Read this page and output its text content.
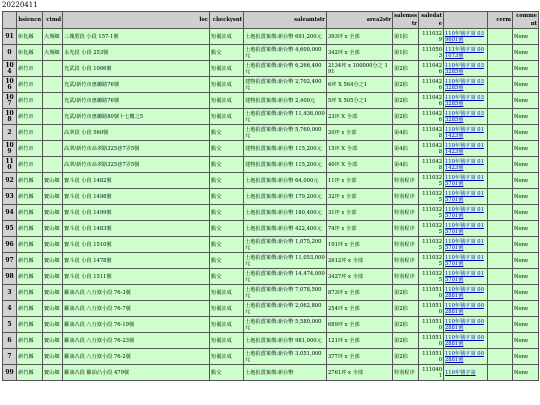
20220411
	hsiencn	ctmd	loc	checkysnt	saleamtstr	area2str	salemsstr	saledate		cerm	comment
91	彰化縣	大城鄉	三塊厝段 小段 157-1號	短備註成	土地拍賣案價:新台幣 691,200元	393坪 x 全部	第1拍	1110329	110年號字第 039601號		None
0	彰化縣	大城鄉	永光段 小段 253號	點交	土地拍賣案價:新台幣 4,600,000元	342坪 x 全部	第1拍	1110503	111年號字第 001073號		None
104	新竹市		光武段 小段 1006號	短備註成	土地拍賣案價:新台幣 6,266,400元	2134坪 x 100000分之 191	第2拍	1110426	110年號字第 033285號		None
106	新竹市		光武/新竹市惠蘭路76號	短備註成	建物拍賣案價:新台幣 2,702,400元	6坪 X 564分之1	第2拍	1110426	110年號字第 033285號		None
107	新竹市		光武/新竹市惠蘭路76號	短備註成	建物拍賣案價:新台幣 2,400元	5坪 X 505分之1	第2拍	1110426	110年號字第 033285號		None
108	新竹市		光武/新竹市惠蘭路80號十七樓之5	短備註成	土地拍賣案價:新台幣 11,436,000元	23坪 X 全部	第2拍	1110426	110年號字第 033285號		None
2	新竹市		高翠段 小段 560號	點交	土地拍賣案價:新台幣 5,760,000元	20坪 x 全部	第4拍	1110428	110年號字第 011423號		None
109	新竹市		高翠/新竹市高翠路325巷7弄5號	點交	建物拍賣案價:新台幣 115,200元	15坪 X 全部	第4拍	1110428	110年號字第 011423號		None
110	新竹市		高翠/新竹市高翠路325巷7弄5號	點交	建物拍賣案價:新台幣 115,200元	40坪 X 全部	第4拍	1110428	110年號字第 011423號		None
92	新竹縣	寶山鄉	寶斗段 小段 1482號	點交	土地拍賣案價:新台幣 64,000元	11坪 x 全部	特別程序	1110325	110年號字第 015701號		None
93	新竹縣	寶山鄉	寶斗段 小段 1498號	點交	土地拍賣案價:新台幣 179,200元	32坪 x 全部	特別程序	1110325	110年號字第 015701號		None
94	新竹縣	寶山鄉	寶斗段 小段 1499號	點交	土地拍賣案價:新台幣 180,400元	31坪 x 全部	特別程序	1110325	110年號字第 015701號		None
95	新竹縣	寶山鄉	寶斗段 小段 1483號	點交	土地拍賣案價:新台幣 422,400元	74坪 x 全部	特別程序	1110325	110年號字第 015701號		None
96	新竹縣	寶山鄉	寶斗段 小段 1510號	點交	土地拍賣案價:新台幣 1,075,200元	191坪 x 全部	特別程序	1110325	110年號字第 015701號		None
97	新竹縣	寶山鄉	寶斗段 小段 1478號	點交	土地拍賣案價:新台幣 11,053,000元	2612坪 x 全部	特別程序	1110325	110年號字第 015701號		None
98	新竹縣	寶山鄉	寶斗段 小段 1511號	點交	土地拍賣案價:新台幣 14,474,000元	3427坪 x 全部	特別程序	1110325	110年號字第 015701號		None
3	新竹縣	寶山鄉	雞油凸段 八分寮小段 76-3號	短備註成	土地拍賣案價:新台幣 7,078,500元	873坪 x 全部	第2拍	1110510	110年號字第 002881號		None
4	新竹縣	寶山鄉	雞油凸段 八分寮小段 76-7號	短備註成	土地拍賣案價:新台幣 2,062,800元	254坪 x 全部	第2拍	1110510	110年號字第 002881號		None
5	新竹縣	寶山鄉	雞油凸段 八分寮小段 76-19號	短備註成	土地拍賣案價:新台幣 5,580,000元	689坪 x 全部	第2拍	1110510	110年號字第 002881號		None
6	新竹縣	寶山鄉	雞油凸段 八分寮小段 76-23號	短備註成	土地拍賣案價:新台幣 981,000元	121坪 x 全部	第2拍	1110510	110年號字第 002881號		None
7	新竹縣	寶山鄉	雞油凸段 八分寮小段 76-2號	短備註成	土地拍賣案價:新台幣 3,051,000元	377坪 x 全部	第2拍	1110510	110年號字第 002881號		None
99	新竹縣	寶山鄉	雞油凸段 雞油凸小段 479號	點交	土地拍賣案價:新台幣	2761坪 x 全部	特別程序	1110401	110年號字第		None
